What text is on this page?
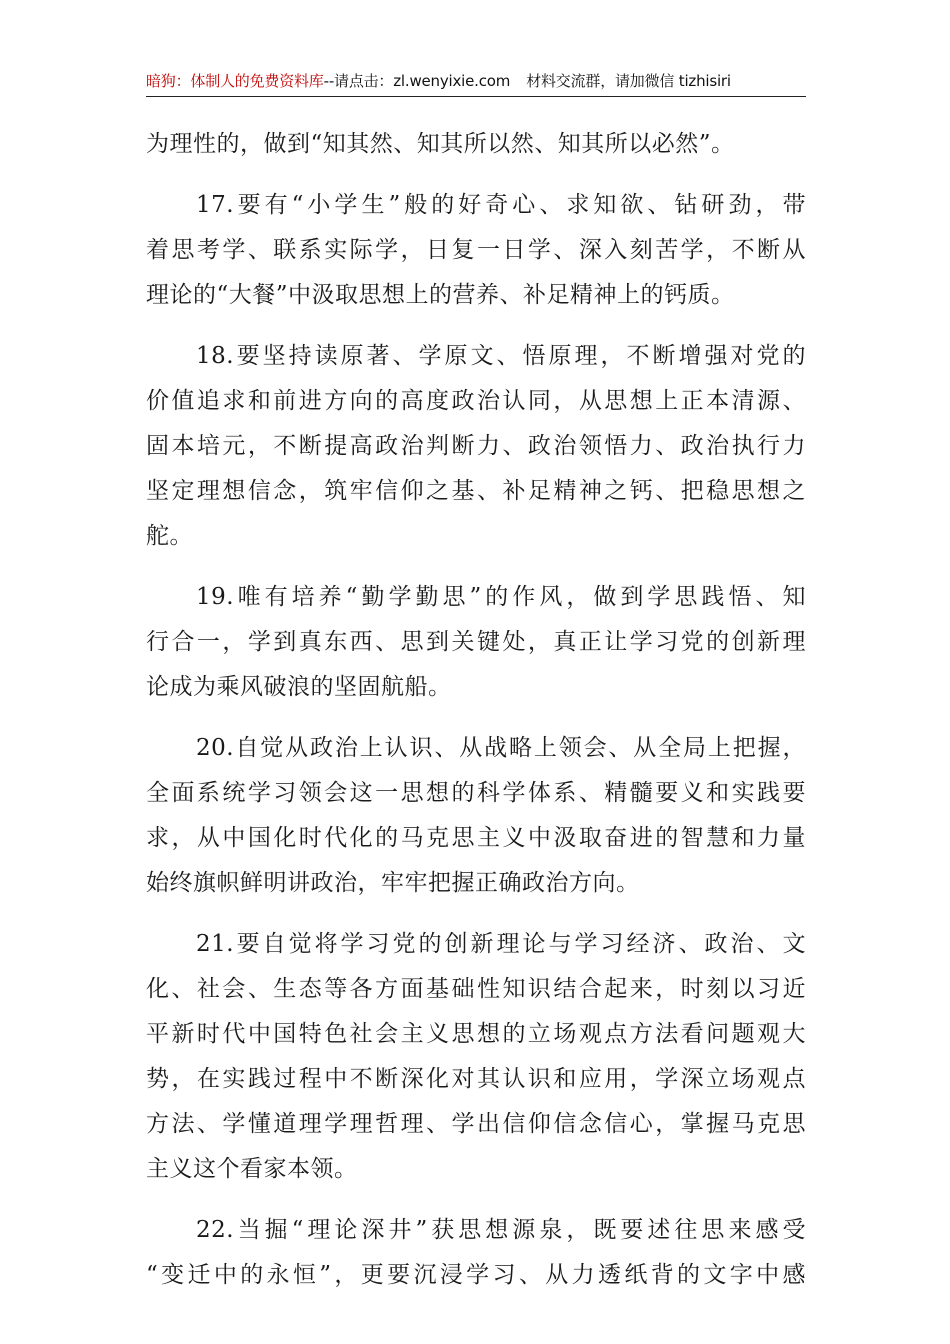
暗狗：体制人的免费资料库--请点击：zl.wenyixie.com 材料交流群，请加微信 tizhisiri
为理性的，做到“知其然、知其所以然、知其所以必然”。
17.要有“小学生”般的好奇心、求知欲、钻研劲，带
着思考学、联系实际学，日复一日学、深入刻苦学，不断从
理论的“大餐”中汲取思想上的营养、补足精神上的钙质。
18.要坚持读原著、学原文、悟原理，不断增强对党的
价值追求和前进方向的高度政治认同，从思想上正本清源、
固本培元，不断提高政治判断力、政治领悟力、政治执行力
坚定理想信念，筑牢信仰之基、补足精神之钙、把稳思想之
舵。
19.唯有培养“勤学勤思”的作风，做到学思践悟、知
行合一，学到真东西、思到关键处，真正让学习党的创新理
论成为乘风破浪的坚固航船。
20.自觉从政治上认识、从战略上领会、从全局上把握，
全面系统学习领会这一思想的科学体系、精髓要义和实践要
求，从中国化时代化的马克思主义中汲取奋进的智慧和力量
始终旗帜鲜明讲政治，牢牢把握正确政治方向。
21.要自觉将学习党的创新理论与学习经济、政治、文
化、社会、生态等各方面基础性知识结合起来，时刻以习近
平新时代中国特色社会主义思想的立场观点方法看问题观大
势，在实践过程中不断深化对其认识和应用，学深立场观点
方法、学懂道理学理哲理、学出信仰信念信心，掌握马克思
主义这个看家本领。
22.当掘“理论深井”获思想源泉，既要述往思来感受
“变迁中的永恒”，更要沉浸学习、从力透纸背的文字中感
